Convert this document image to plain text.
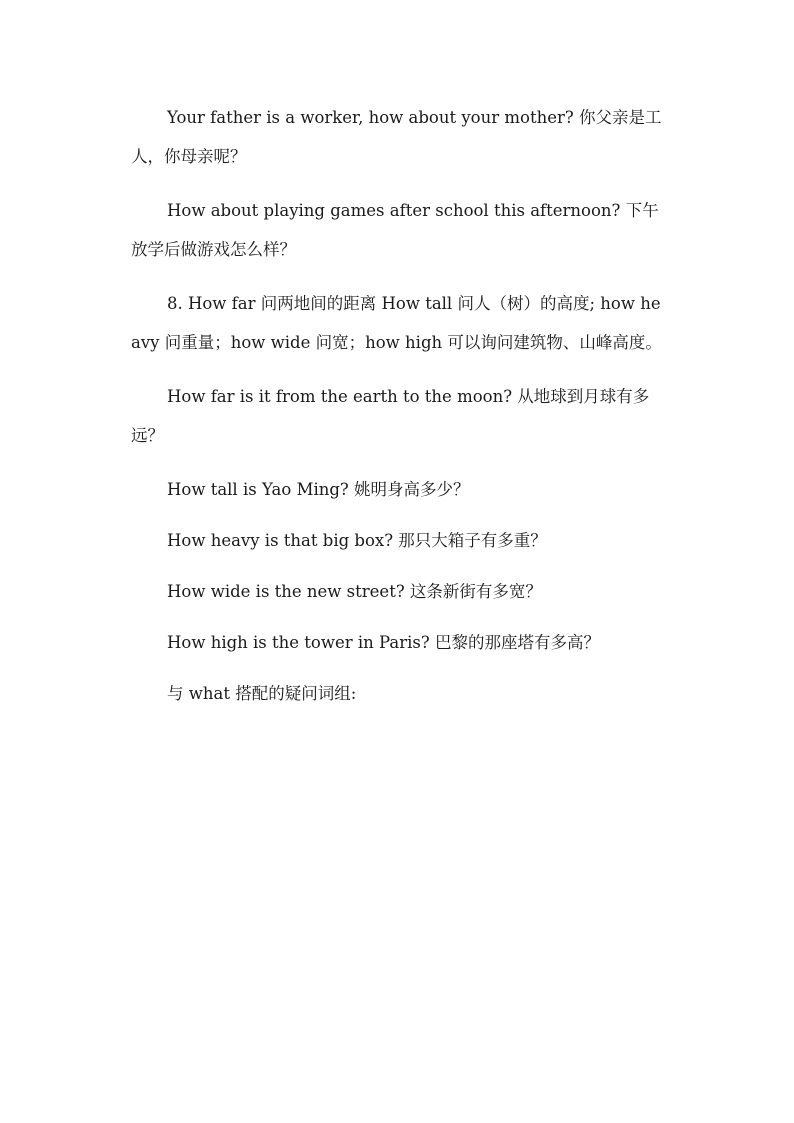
Your father is a worker, how about your mother? 你父亲是工人，你母亲呢？

How about playing games after school this afternoon? 下午放学后做游戏怎么样？

8. How far 问两地间的距离 How tall 问人（树）的高度; how heavy 问重量；how wide 问宽；how high 可以询问建筑物、山峰高度。

How far is it from the earth to the moon? 从地球到月球有多远？

How tall is Yao Ming? 姚明身高多少？

How heavy is that big box? 那只大箱子有多重？

How wide is the new street? 这条新街有多宽？

How high is the tower in Paris? 巴黎的那座塔有多高？

与 what 搭配的疑问词组:
